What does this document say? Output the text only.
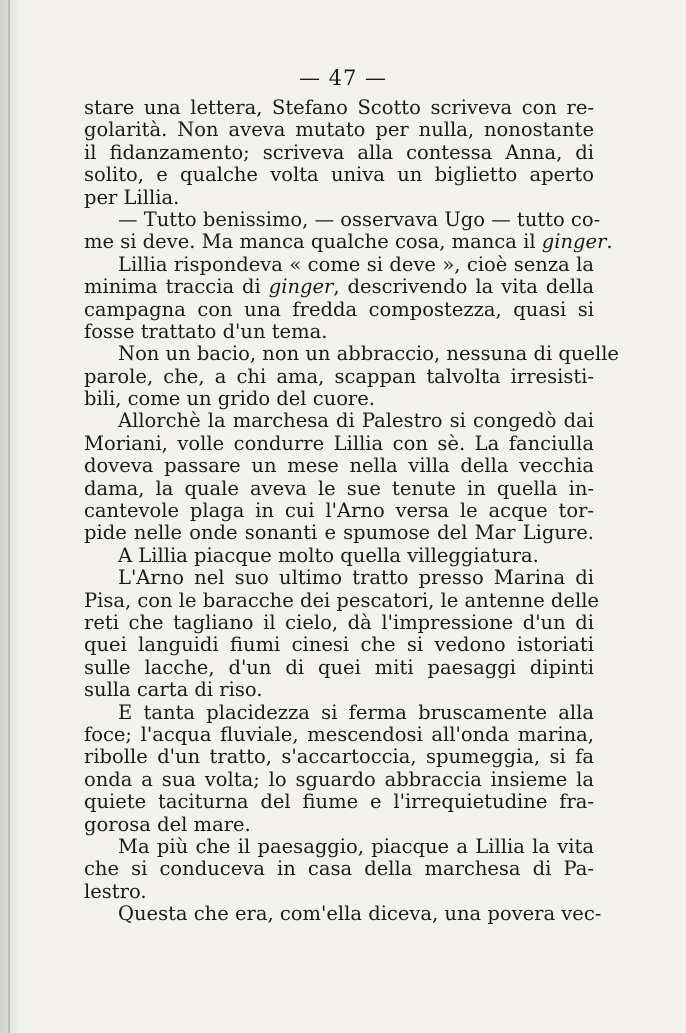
— 47 —

stare una lettera, Stefano Scotto scriveva con re-
golarità. Non aveva mutato per nulla, nonostante
il fidanzamento; scriveva alla contessa Anna, di
solito, e qualche volta univa un biglietto aperto
per Lillia.
— Tutto benissimo, — osservava Ugo — tutto co-
me si deve. Ma manca qualche cosa, manca il ginger.
Lillia rispondeva « come si deve », cioè senza la
minima traccia di ginger, descrivendo la vita della
campagna con una fredda compostezza, quasi si
fosse trattato d'un tema.
Non un bacio, non un abbraccio, nessuna di quelle
parole, che, a chi ama, scappan talvolta irresisti-
bili, come un grido del cuore.
Allorchè la marchesa di Palestro si congedò dai
Moriani, volle condurre Lillia con sè. La fanciulla
doveva passare un mese nella villa della vecchia
dama, la quale aveva le sue tenute in quella in-
cantevole plaga in cui l'Arno versa le acque tor-
pide nelle onde sonanti e spumose del Mar Ligure.
A Lillia piacque molto quella villeggiatura.
L'Arno nel suo ultimo tratto presso Marina di
Pisa, con le baracche dei pescatori, le antenne delle
reti che tagliano il cielo, dà l'impressione d'un di
quei languidi fiumi cinesi che si vedono istoriati
sulle lacche, d'un di quei miti paesaggi dipinti
sulla carta di riso.
E tanta placidezza si ferma bruscamente alla
foce; l'acqua fluviale, mescendosi all'onda marina,
ribolle d'un tratto, s'accartoccia, spumeggia, si fa
onda a sua volta; lo sguardo abbraccia insieme la
quiete taciturna del fiume e l'irrequietudine fra-
gorosa del mare.
Ma più che il paesaggio, piacque a Lillia la vita
che si conduceva in casa della marchesa di Pa-
lestro.
Questa che era, com'ella diceva, una povera vec-
